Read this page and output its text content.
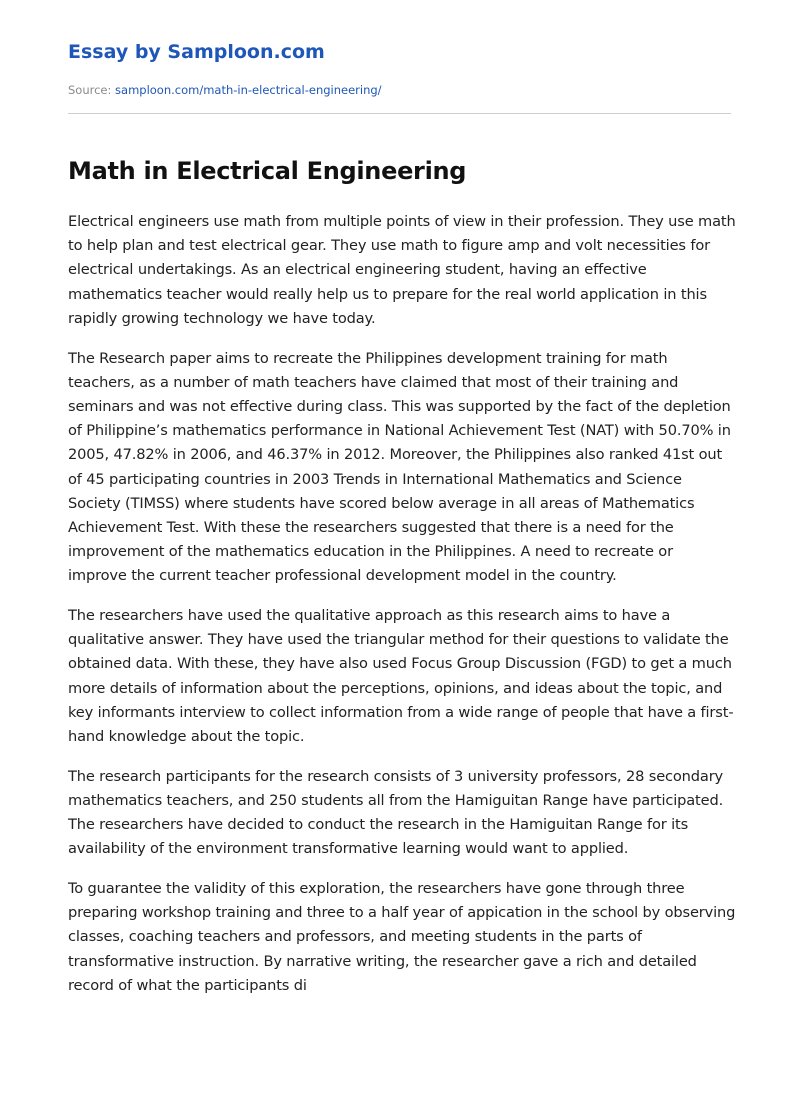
Essay by Samploon.com
Source: samploon.com/math-in-electrical-engineering/
Math in Electrical Engineering

Electrical engineers use math from multiple points of view in their profession. They use math to help plan and test electrical gear. They use math to figure amp and volt necessities for electrical undertakings. As an electrical engineering student, having an effective mathematics teacher would really help us to prepare for the real world application in this rapidly growing technology we have today.

The Research paper aims to recreate the Philippines development training for math teachers, as a number of math teachers have claimed that most of their training and seminars and was not effective during class. This was supported by the fact of the depletion of Philippine’s mathematics performance in National Achievement Test (NAT) with 50.70% in 2005, 47.82% in 2006, and 46.37% in 2012. Moreover, the Philippines also ranked 41st out of 45 participating countries in 2003 Trends in International Mathematics and Science Society (TIMSS) where students have scored below average in all areas of Mathematics Achievement Test. With these the researchers suggested that there is a need for the improvement of the mathematics education in the Philippines. A need to recreate or improve the current teacher professional development model in the country.

The researchers have used the qualitative approach as this research aims to have a qualitative answer. They have used the triangular method for their questions to validate the obtained data. With these, they have also used Focus Group Discussion (FGD) to get a much more details of information about the perceptions, opinions, and ideas about the topic, and key informants interview to collect information from a wide range of people that have a first-hand knowledge about the topic.

The research participants for the research consists of 3 university professors, 28 secondary mathematics teachers, and 250 students all from the Hamiguitan Range have participated. The researchers have decided to conduct the research in the Hamiguitan Range for its availability of the environment transformative learning would want to applied.

To guarantee the validity of this exploration, the researchers have gone through three preparing workshop training and three to a half year of appication in the school by observing classes, coaching teachers and professors, and meeting students in the parts of transformative instruction. By narrative writing, the researcher gave a rich and detailed record of what the participants di
